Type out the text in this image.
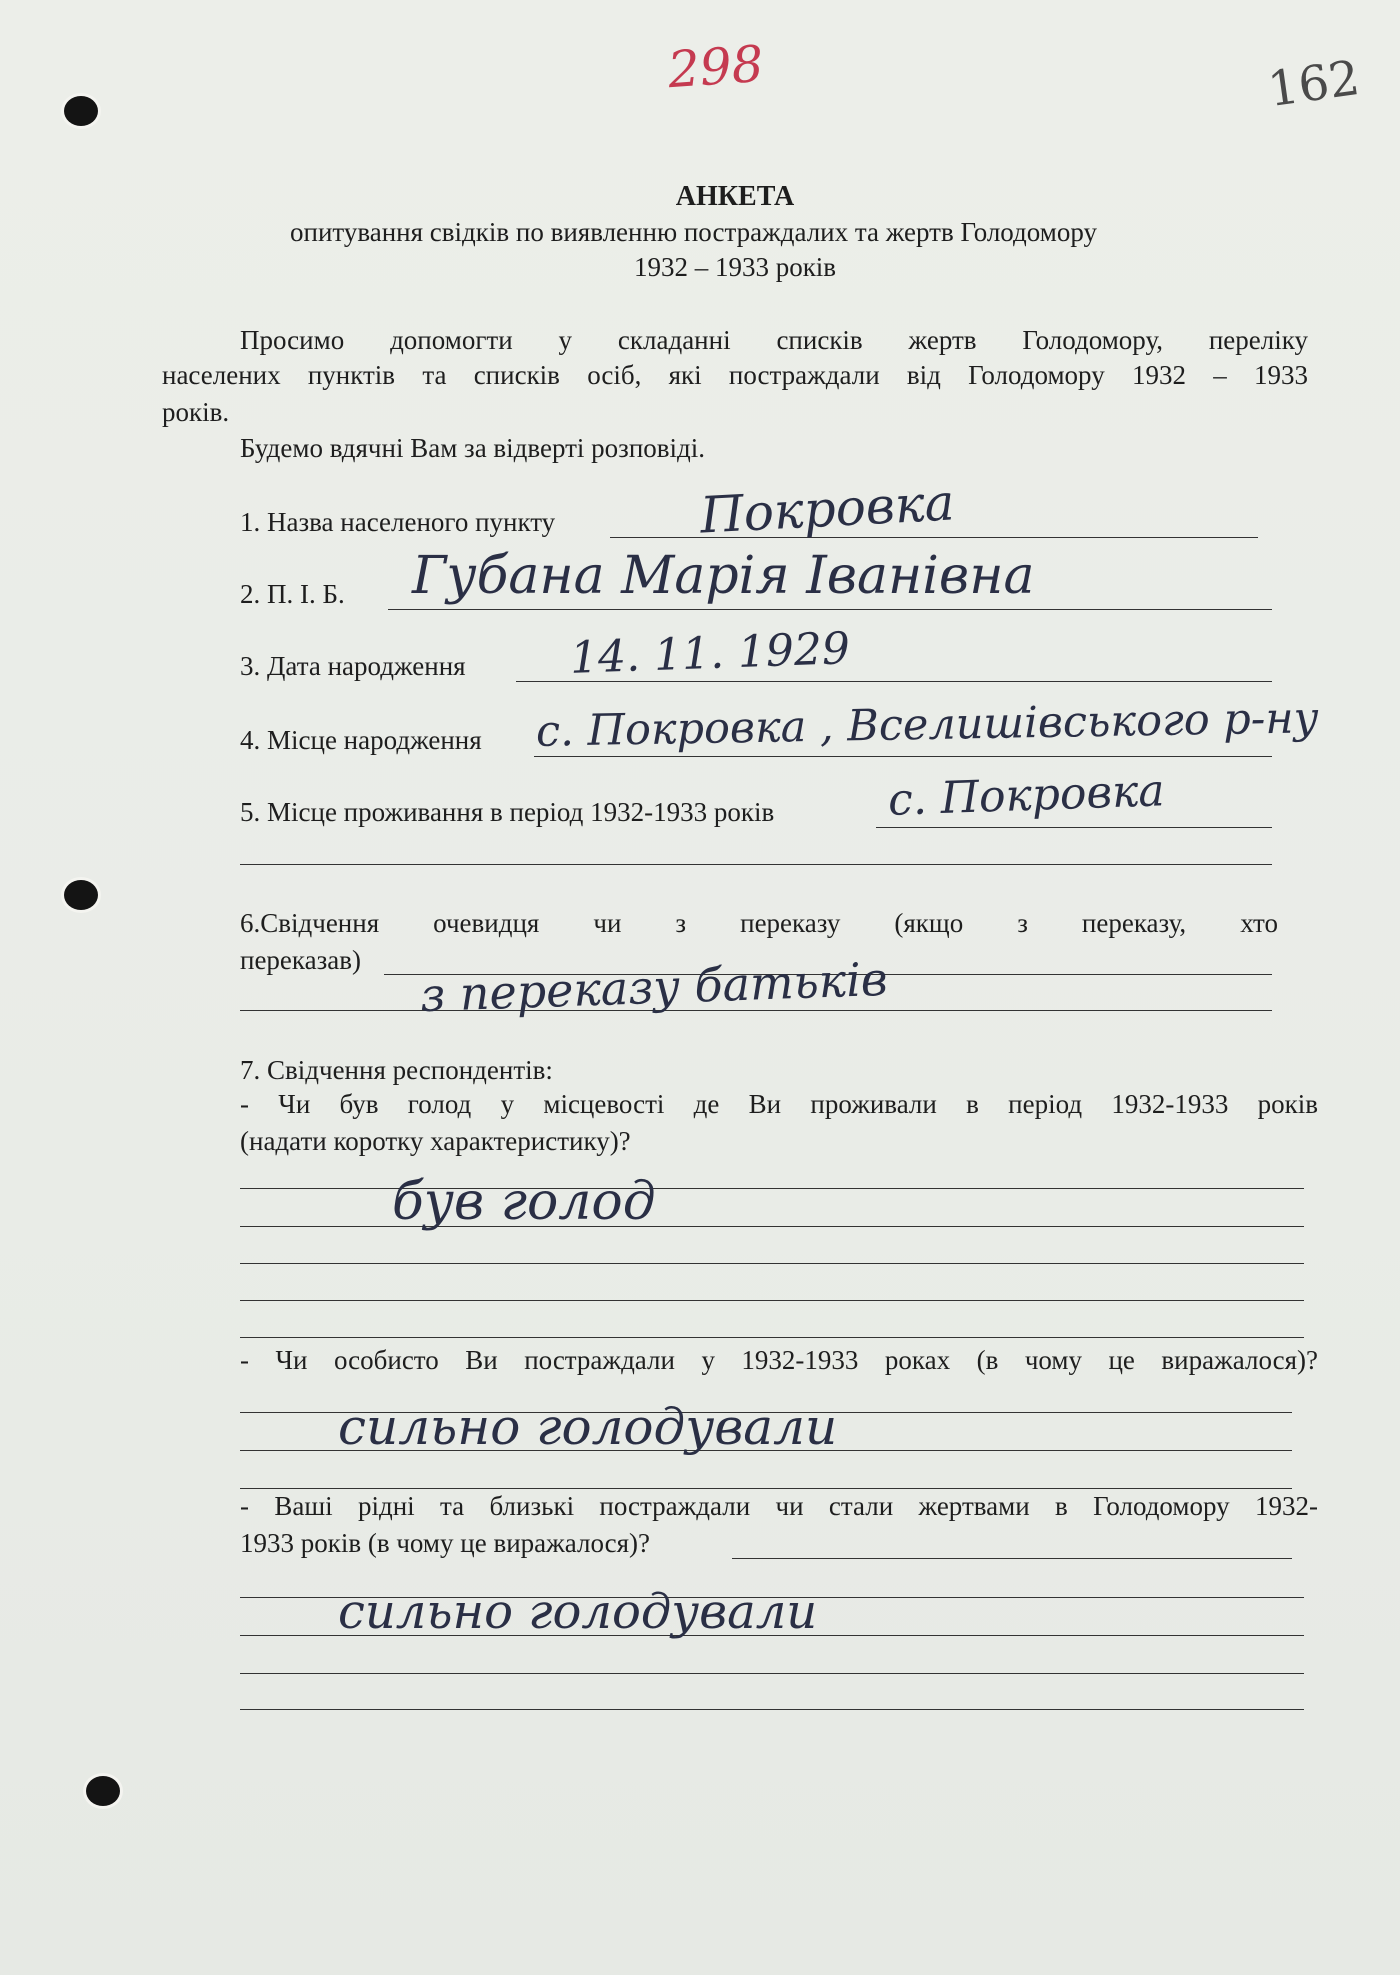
298	162
АНКЕТА
опитування свідків по виявленню постраждалих та жертв Голодомору
1932 – 1933 років
Просимо допомогти у складанні списків жертв Голодомору, переліку
населених пунктів та списків осіб, які постраждали від Голодомору 1932 – 1933
років.
Будемо вдячні Вам за відверті розповіді.
1. Назва населеного пункту	Покровка
2. П. І. Б. Губана Марія Іванівна
3. Дата народження 14. 11. 1929
4. Місце народження с. Покровка , Вселишівського р-ну
5. Місце проживання в період 1932-1933 років	с. Покровка
6.Свідчення очевидця чи з переказу (якщо з переказу, хто
переказав) з переказу батьків
7. Свідчення респондентів:
- Чи був голод у місцевості де Ви проживали в період 1932-1933 років
(надати коротку характеристику)?
був голод
- Чи особисто Ви постраждали у 1932-1933 роках (в чому це виражалося)?
сильно голодували
- Ваші рідні та близькі постраждали чи стали жертвами в Голодомору 1932-
1933 років (в чому це виражалося)?
сильно голодували
